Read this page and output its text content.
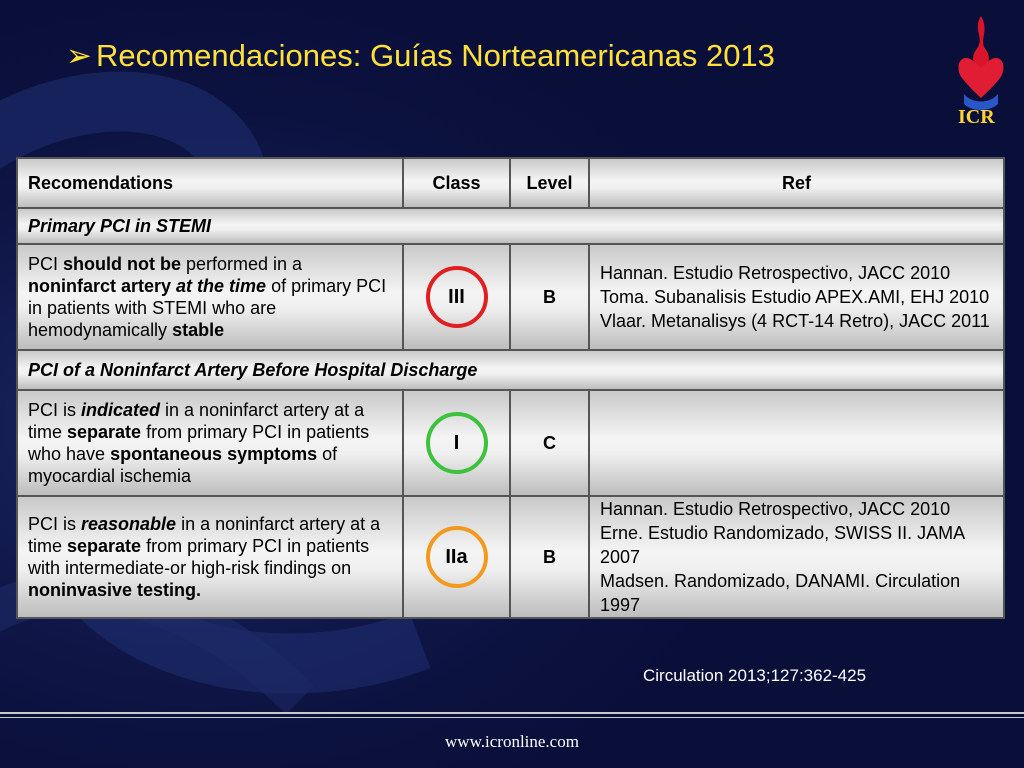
➢ Recomendaciones: Guías Norteamericanas 2013
ICR
Recomendations	Class	Level	Ref
Primary PCI in STEMI			
PCI should not be performed in a noninfarct artery at the time of primary PCI in patients with STEMI who are hemodynamically stable	III	B	Hannan. Estudio Retrospectivo, JACC 2010
Toma. Subanalisis Estudio APEX.AMI, EHJ 2010
Vlaar. Metanalisys (4 RCT-14 Retro), JACC 2011

PCI of a Noninfarct Artery Before Hospital Discharge			
PCI is indicated in a noninfarct artery at a time separate from primary PCI in patients who have spontaneous symptoms of myocardial ischemia	I	C	
PCI is reasonable in a noninfarct artery at a time separate from primary PCI in patients with intermediate-or high-risk findings on noninvasive testing.	IIa	B	Hannan. Estudio Retrospectivo, JACC 2010
Erne. Estudio Randomizado, SWISS II. JAMA 2007
Madsen. Randomizado, DANAMI. Circulation 1997
Circulation 2013;127:362-425
www.icronline.com
